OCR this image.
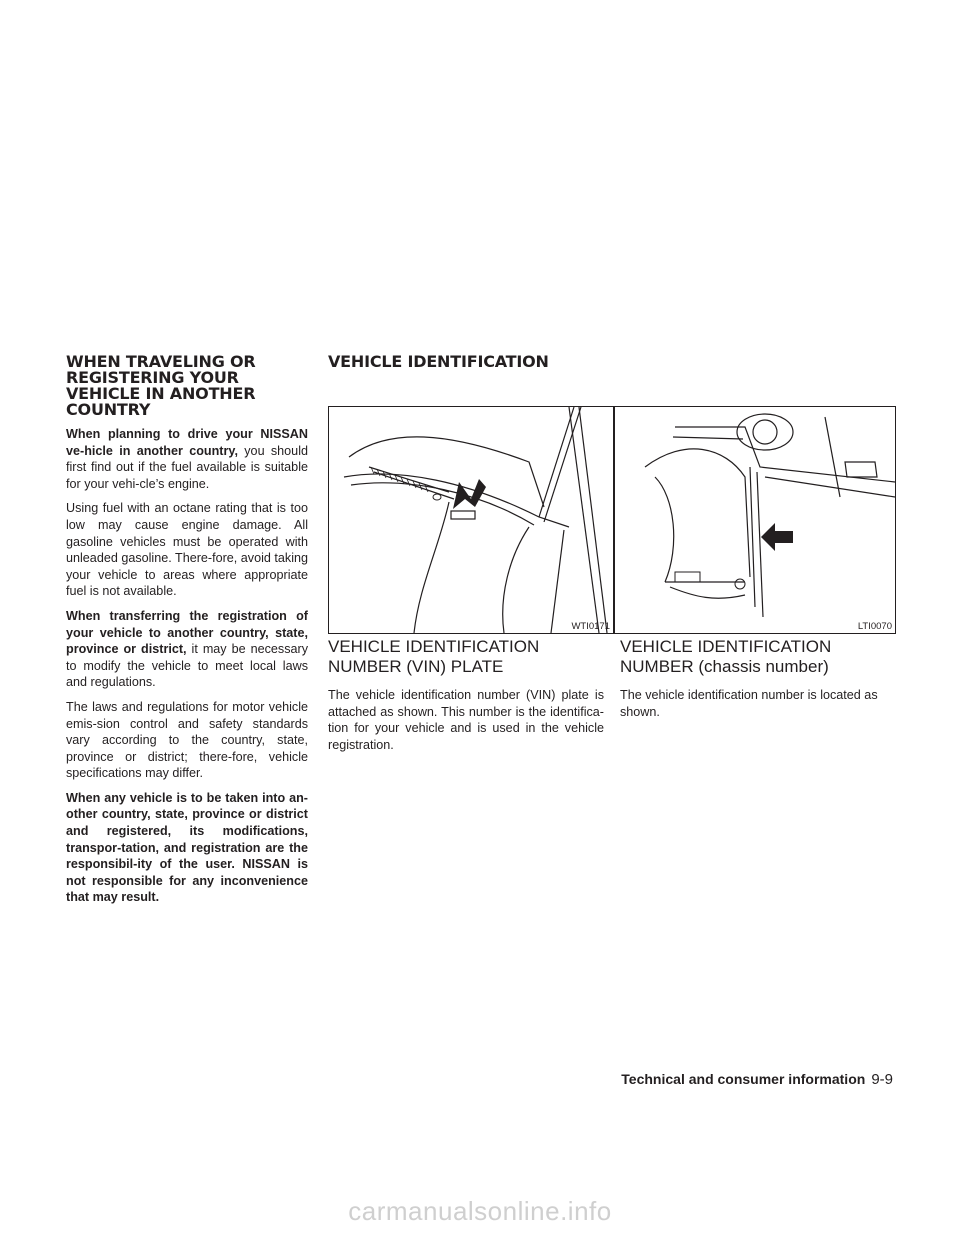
WHEN TRAVELING OR REGISTERING YOUR VEHICLE IN ANOTHER COUNTRY

When planning to drive your NISSAN ve-hicle in another country, you should first find out if the fuel available is suitable for your vehi-cle’s engine.

Using fuel with an octane rating that is too low may cause engine damage. All gasoline vehicles must be operated with unleaded gasoline. There-fore, avoid taking your vehicle to areas where appropriate fuel is not available.

When transferring the registration of your vehicle to another country, state, province or district, it may be necessary to modify the vehicle to meet local laws and regulations.

The laws and regulations for motor vehicle emis-sion control and safety standards vary according to the country, state, province or district; there-fore, vehicle specifications may differ.

When any vehicle is to be taken into an-other country, state, province or district and registered, its modifications, transpor-tation, and registration are the responsibil-ity of the user. NISSAN is not responsible for any inconvenience that may result.

VEHICLE IDENTIFICATION
WTI0171	LTI0070
VEHICLE IDENTIFICATION NUMBER (VIN) PLATE

The vehicle identification number (VIN) plate is attached as shown. This number is the identifica-tion for your vehicle and is used in the vehicle registration.

VEHICLE IDENTIFICATION NUMBER (chassis number)

The vehicle identification number is located as shown.

Technical and consumer information 9-9
carmanualsonline.info
